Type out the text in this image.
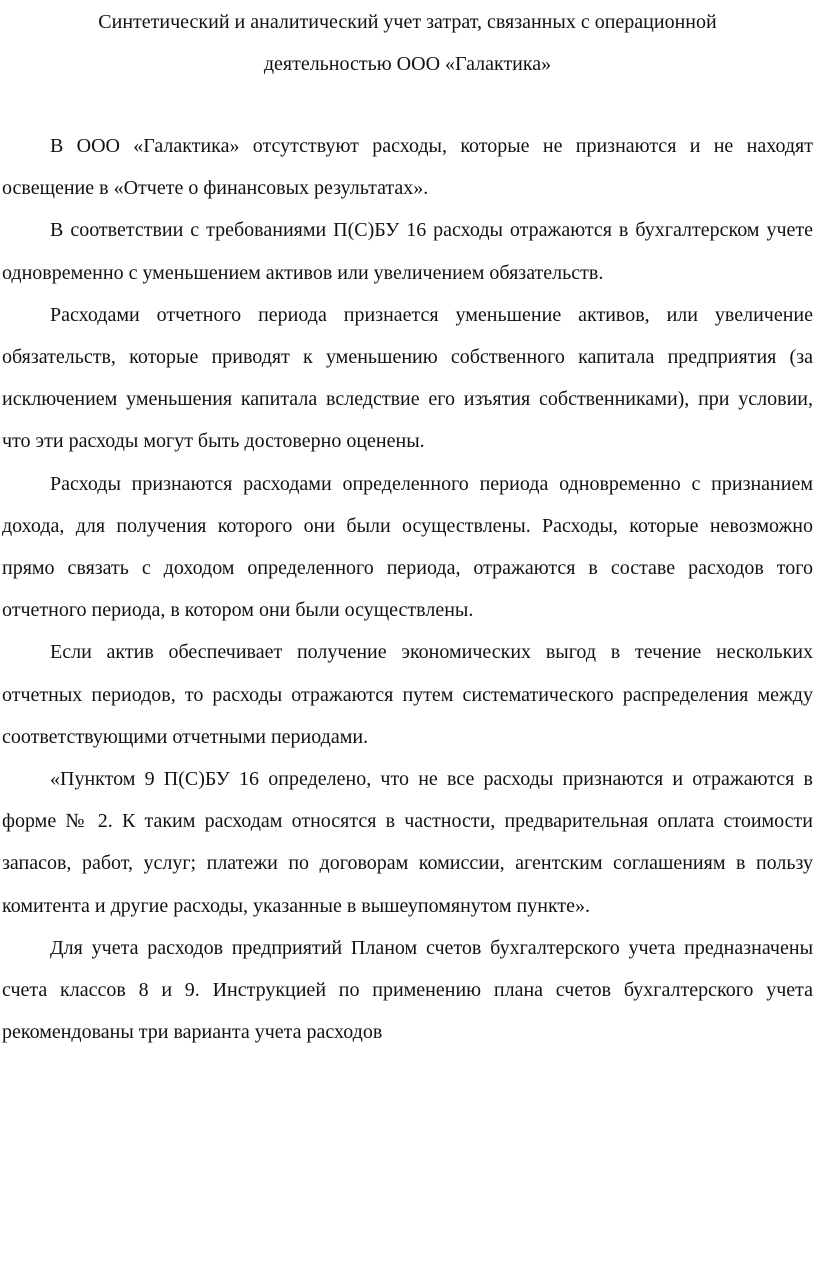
Синтетический и аналитический учет затрат, связанных с операционной
деятельностью ООО «Галактика»

В ООО «Галактика» отсутствуют расходы, которые не признаются и не находят освещение в «Отчете о финансовых результатах».

В соответствии с требованиями П(С)БУ 16 расходы отражаются в бухгалтерском учете одновременно с уменьшением активов или увеличением обязательств.

Расходами отчетного периода признается уменьшение активов, или увеличение обязательств, которые приводят к уменьшению собственного капитала предприятия (за исключением уменьшения капитала вследствие его изъятия собственниками), при условии, что эти расходы могут быть достоверно оценены.

Расходы признаются расходами определенного периода одновременно с признанием дохода, для получения которого они были осуществлены. Расходы, которые невозможно прямо связать с доходом определенного периода, отражаются в составе расходов того отчетного периода, в котором они были осуществлены.

Если актив обеспечивает получение экономических выгод в течение нескольких отчетных периодов, то расходы отражаются путем систематического распределения между соответствующими отчетными периодами.

«Пунктом 9 П(С)БУ 16 определено, что не все расходы признаются и отражаются в форме № 2. К таким расходам относятся в частности, предварительная оплата стоимости запасов, работ, услуг; платежи по договорам комиссии, агентским соглашениям в пользу комитента и другие расходы, указанные в вышеупомянутом пункте».

Для учета расходов предприятий Планом счетов бухгалтерского учета предназначены счета классов 8 и 9. Инструкцией по применению плана счетов бухгалтерского учета рекомендованы три варианта учета расходов
